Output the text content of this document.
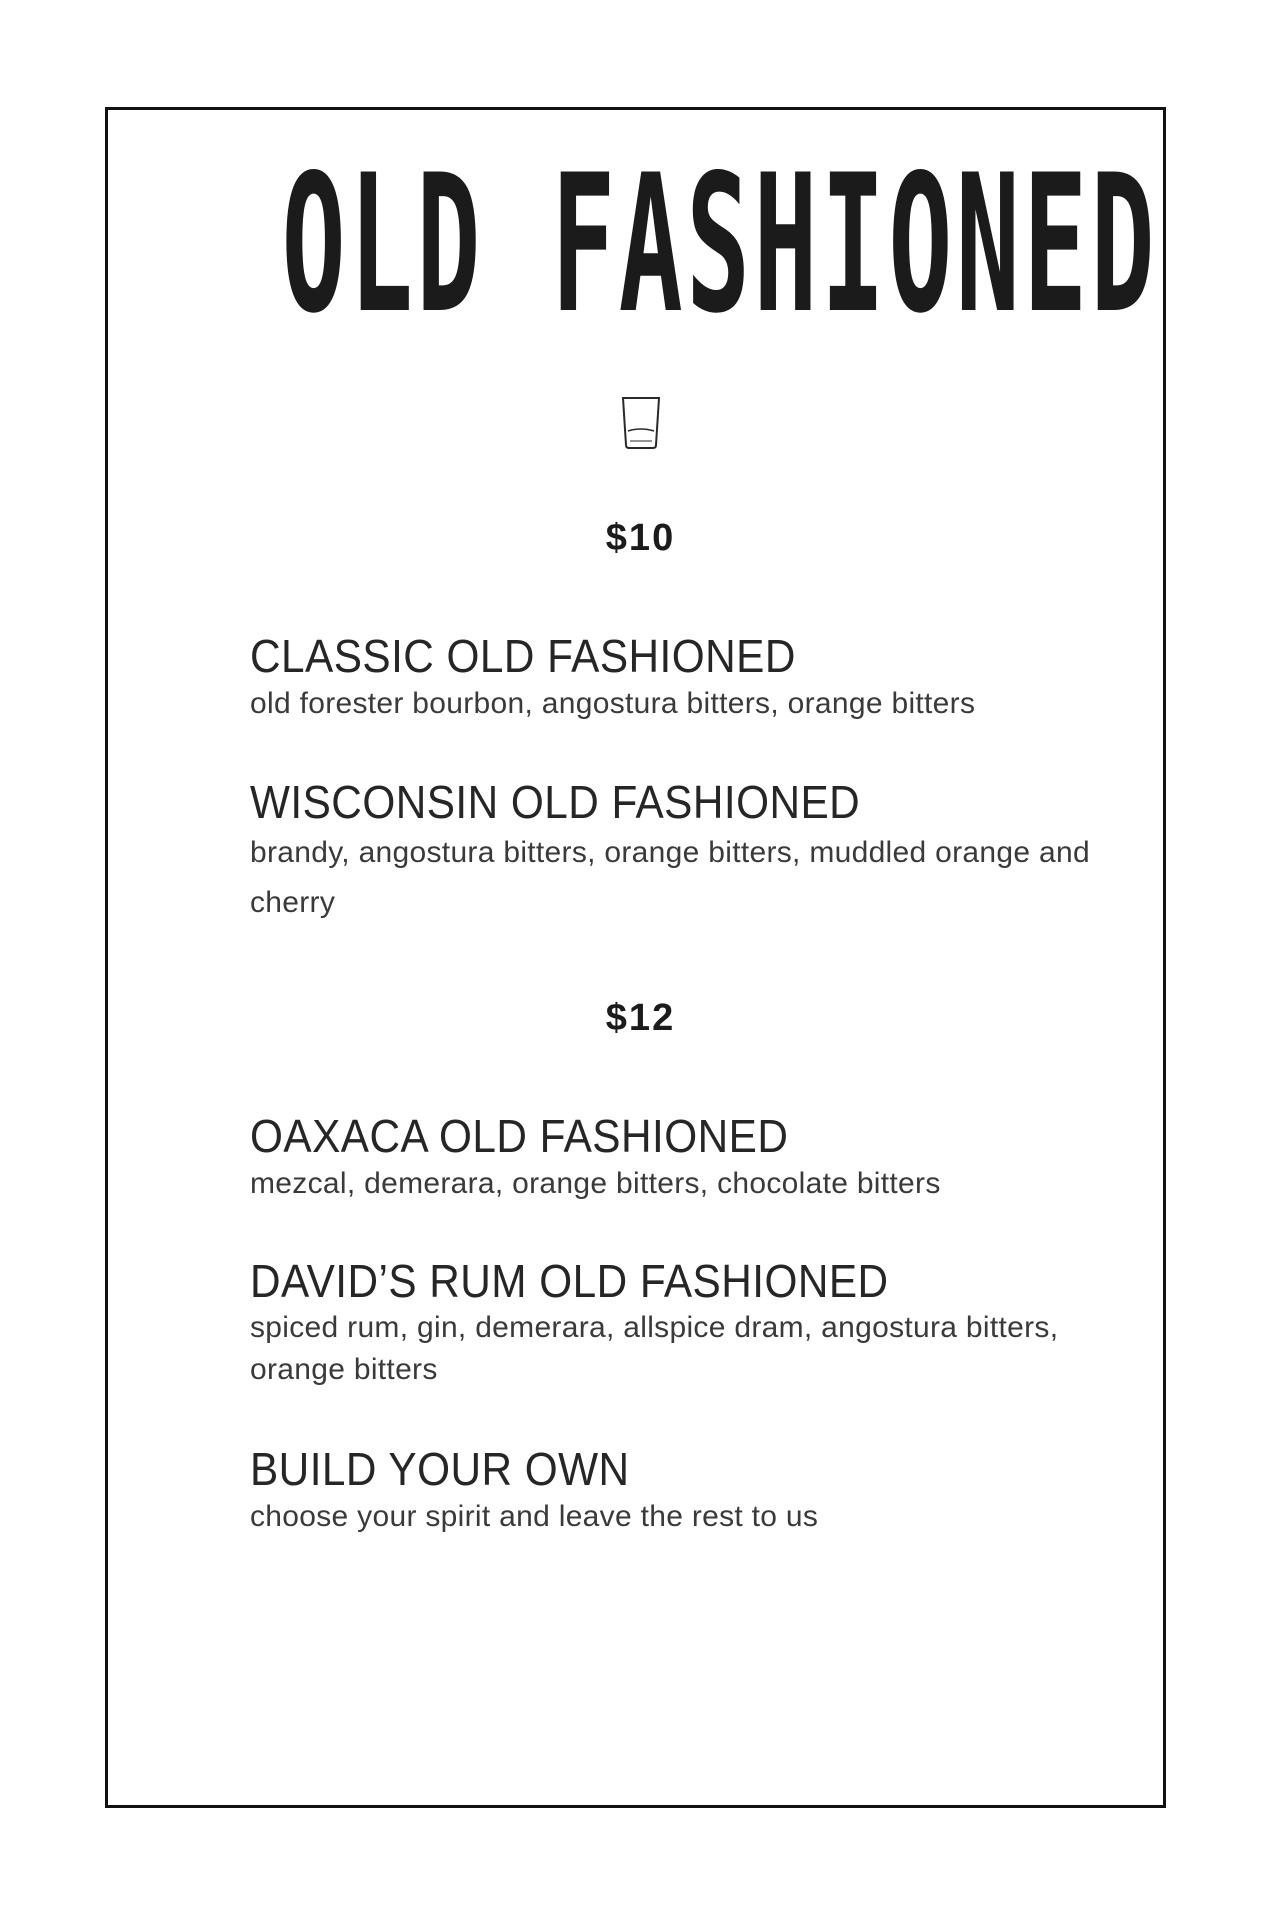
OLD FASHIONED
$10
CLASSIC OLD FASHIONED
old forester bourbon, angostura bitters, orange bitters
WISCONSIN OLD FASHIONED
brandy, angostura bitters, orange bitters, muddled orange and cherry
$12
OAXACA OLD FASHIONED
mezcal, demerara, orange bitters, chocolate bitters
DAVID’S RUM OLD FASHIONED
spiced rum, gin, demerara, allspice dram, angostura bitters, orange bitters
BUILD YOUR OWN
choose your spirit and leave the rest to us
